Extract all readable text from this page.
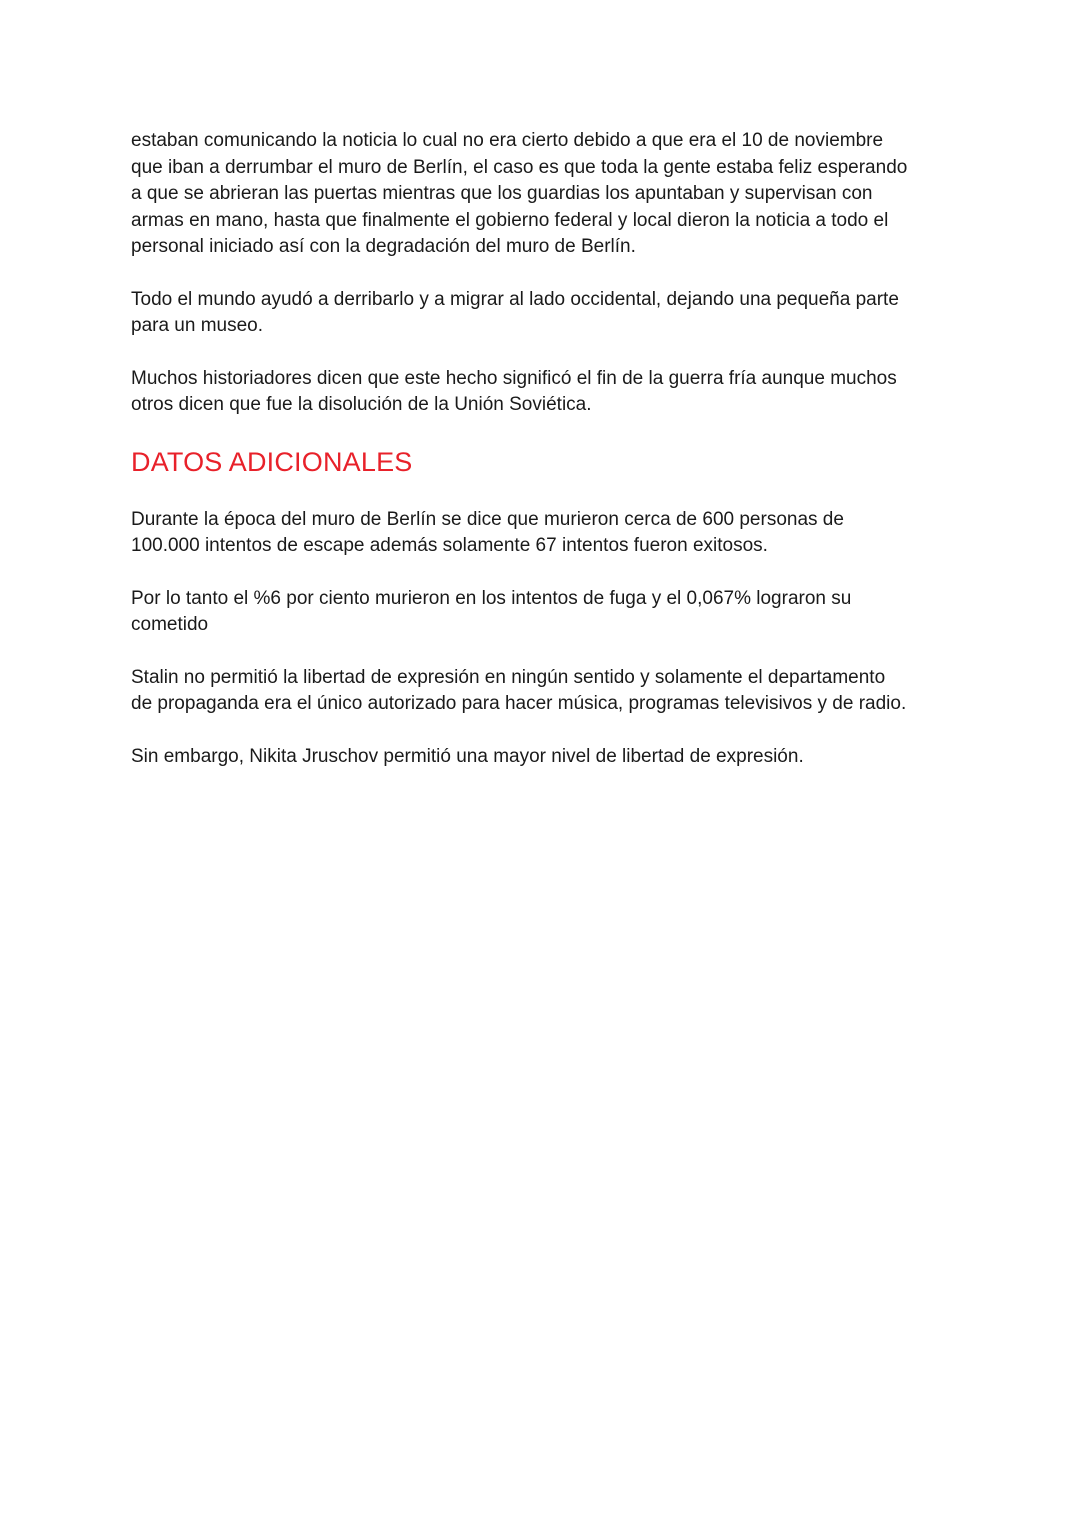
estaban comunicando la noticia lo cual no era cierto debido a que era el 10 de noviembre
que iban a derrumbar el muro de Berlín, el caso es que toda la gente estaba feliz esperando
a que se abrieran las puertas mientras que los guardias los apuntaban y supervisan con
armas en mano, hasta que finalmente el gobierno federal y local dieron la noticia a todo el
personal iniciado así con la degradación del muro de Berlín.

Todo el mundo ayudó a derribarlo y a migrar al lado occidental, dejando una pequeña parte
para un museo.

Muchos historiadores dicen que este hecho significó el fin de la guerra fría aunque muchos
otros dicen que fue la disolución de la Unión Soviética.

DATOS ADICIONALES

Durante la época del muro de Berlín se dice que murieron cerca de 600 personas de
100.000 intentos de escape además solamente 67 intentos fueron exitosos.

Por lo tanto el %6 por ciento murieron en los intentos de fuga y el 0,067% lograron su
cometido

Stalin no permitió la libertad de expresión en ningún sentido y solamente el departamento
de propaganda era el único autorizado para hacer música, programas televisivos y de radio.

Sin embargo, Nikita Jruschov permitió una mayor nivel de libertad de expresión.
